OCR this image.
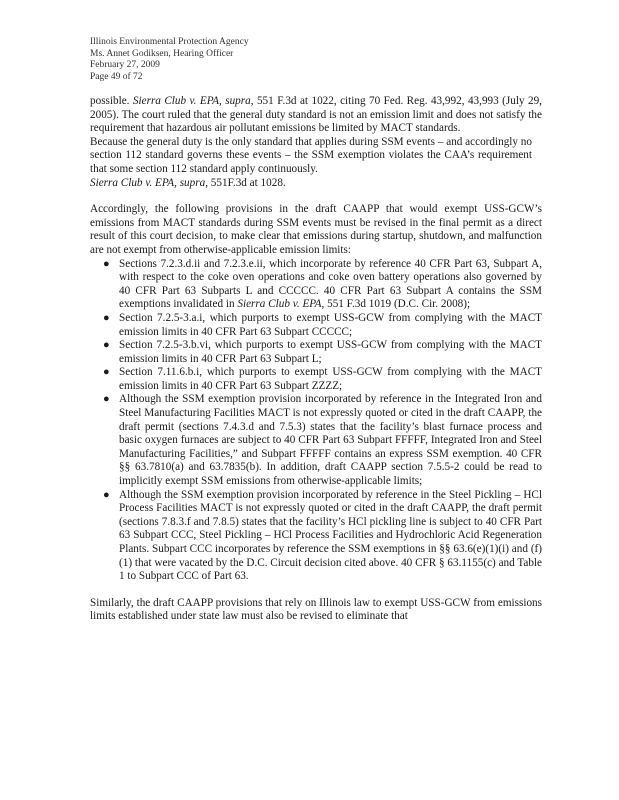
Illinois Environmental Protection Agency
Ms. Annet Godiksen, Hearing Officer
February 27, 2009
Page 49 of 72

possible. Sierra Club v. EPA, supra, 551 F.3d at 1022, citing 70 Fed. Reg. 43,992, 43,993 (July 29, 2005). The court ruled that the general duty standard is not an emission limit and does not satisfy the requirement that hazardous air pollutant emissions be limited by MACT standards.

Because the general duty is the only standard that applies during SSM events – and accordingly no section 112 standard governs these events – the SSM exemption violates the CAA’s requirement that some section 112 standard apply continuously.

Sierra Club v. EPA, supra, 551F.3d at 1028.

Accordingly, the following provisions in the draft CAAPP that would exempt USS-GCW’s emissions from MACT standards during SSM events must be revised in the final permit as a direct result of this court decision, to make clear that emissions during startup, shutdown, and malfunction are not exempt from otherwise-applicable emission limits:

● Sections 7.2.3.d.ii and 7.2.3.e.ii, which incorporate by reference 40 CFR Part 63, Subpart A, with respect to the coke oven operations and coke oven battery operations also governed by 40 CFR Part 63 Subparts L and CCCCC. 40 CFR Part 63 Subpart A contains the SSM exemptions invalidated in Sierra Club v. EPA, 551 F.3d 1019 (D.C. Cir. 2008);

● Section 7.2.5-3.a.i, which purports to exempt USS-GCW from complying with the MACT emission limits in 40 CFR Part 63 Subpart CCCCC;

● Section 7.2.5-3.b.vi, which purports to exempt USS-GCW from complying with the MACT emission limits in 40 CFR Part 63 Subpart L;

● Section 7.11.6.b.i, which purports to exempt USS-GCW from complying with the MACT emission limits in 40 CFR Part 63 Subpart ZZZZ;

● Although the SSM exemption provision incorporated by reference in the Integrated Iron and Steel Manufacturing Facilities MACT is not expressly quoted or cited in the draft CAAPP, the draft permit (sections 7.4.3.d and 7.5.3) states that the facility’s blast furnace process and basic oxygen furnaces are subject to 40 CFR Part 63 Subpart FFFFF, Integrated Iron and Steel Manufacturing Facilities,” and Subpart FFFFF contains an express SSM exemption. 40 CFR §§ 63.7810(a) and 63.7835(b). In addition, draft CAAPP section 7.5.5-2 could be read to implicitly exempt SSM emissions from otherwise-applicable limits;

● Although the SSM exemption provision incorporated by reference in the Steel Pickling – HCl Process Facilities MACT is not expressly quoted or cited in the draft CAAPP, the draft permit (sections 7.8.3.f and 7.8.5) states that the facility’s HCl pickling line is subject to 40 CFR Part 63 Subpart CCC, Steel Pickling – HCl Process Facilities and Hydrochloric Acid Regeneration Plants. Subpart CCC incorporates by reference the SSM exemptions in §§ 63.6(e)(1)(i) and (f)(1) that were vacated by the D.C. Circuit decision cited above. 40 CFR § 63.1155(c) and Table 1 to Subpart CCC of Part 63.

Similarly, the draft CAAPP provisions that rely on Illinois law to exempt USS-GCW from emissions limits established under state law must also be revised to eliminate that
